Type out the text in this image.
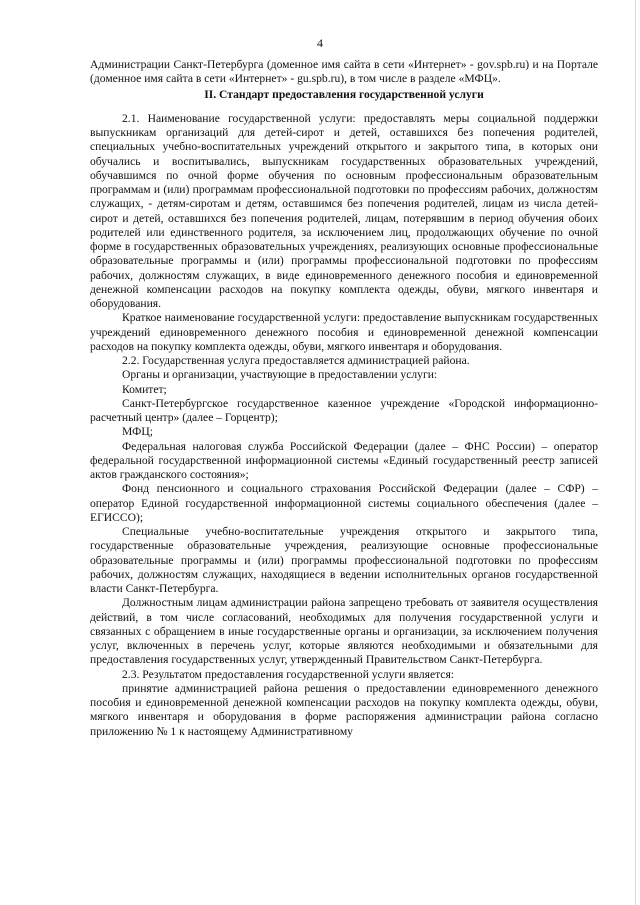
4

Администрации Санкт-Петербурга (доменное имя сайта в сети «Интернет» - gov.spb.ru) и на Портале (доменное имя сайта в сети «Интернет» - gu.spb.ru), в том числе в разделе «МФЦ».

II. Стандарт предоставления государственной услуги

2.1. Наименование государственной услуги: предоставлять меры социальной поддержки выпускникам организаций для детей-сирот и детей, оставшихся без попечения родителей, специальных учебно-воспитательных учреждений открытого и закрытого типа, в которых они обучались и воспитывались, выпускникам государственных образовательных учреждений, обучавшимся по очной форме обучения по основным профессиональным образовательным программам и (или) программам профессиональной подготовки по профессиям рабочих, должностям служащих, - детям-сиротам и детям, оставшимся без попечения родителей, лицам из числа детей-сирот и детей, оставшихся без попечения родителей, лицам, потерявшим в период обучения обоих родителей или единственного родителя, за исключением лиц, продолжающих обучение по очной форме в государственных образовательных учреждениях, реализующих основные профессиональные образовательные программы и (или) программы профессиональной подготовки по профессиям рабочих, должностям служащих, в виде единовременного денежного пособия и единовременной денежной компенсации расходов на покупку комплекта одежды, обуви, мягкого инвентаря и оборудования.

Краткое наименование государственной услуги: предоставление выпускникам государственных учреждений единовременного денежного пособия и единовременной денежной компенсации расходов на покупку комплекта одежды, обуви, мягкого инвентаря и оборудования.

2.2. Государственная услуга предоставляется администрацией района.

Органы и организации, участвующие в предоставлении услуги:

Комитет;

Санкт-Петербургское государственное казенное учреждение «Городской информационно-расчетный центр» (далее – Горцентр);

МФЦ;

Федеральная налоговая служба Российской Федерации (далее – ФНС России) – оператор федеральной государственной информационной системы «Единый государственный реестр записей актов гражданского состояния»;

Фонд пенсионного и социального страхования Российской Федерации (далее – СФР) – оператор Единой государственной информационной системы социального обеспечения (далее – ЕГИССО);

Специальные учебно-воспитательные учреждения открытого и закрытого типа, государственные образовательные учреждения, реализующие основные профессиональные образовательные программы и (или) программы профессиональной подготовки по профессиям рабочих, должностям служащих, находящиеся в ведении исполнительных органов государственной власти Санкт-Петербурга.

Должностным лицам администрации района запрещено требовать от заявителя осуществления действий, в том числе согласований, необходимых для получения государственной услуги и связанных с обращением в иные государственные органы и организации, за исключением получения услуг, включенных в перечень услуг, которые являются необходимыми и обязательными для предоставления государственных услуг, утвержденный Правительством Санкт-Петербурга.

2.3. Результатом предоставления государственной услуги является:

принятие администрацией района решения о предоставлении единовременного денежного пособия и единовременной денежной компенсации расходов на покупку комплекта одежды, обуви, мягкого инвентаря и оборудования в форме распоряжения администрации района согласно приложению № 1 к настоящему Административному
